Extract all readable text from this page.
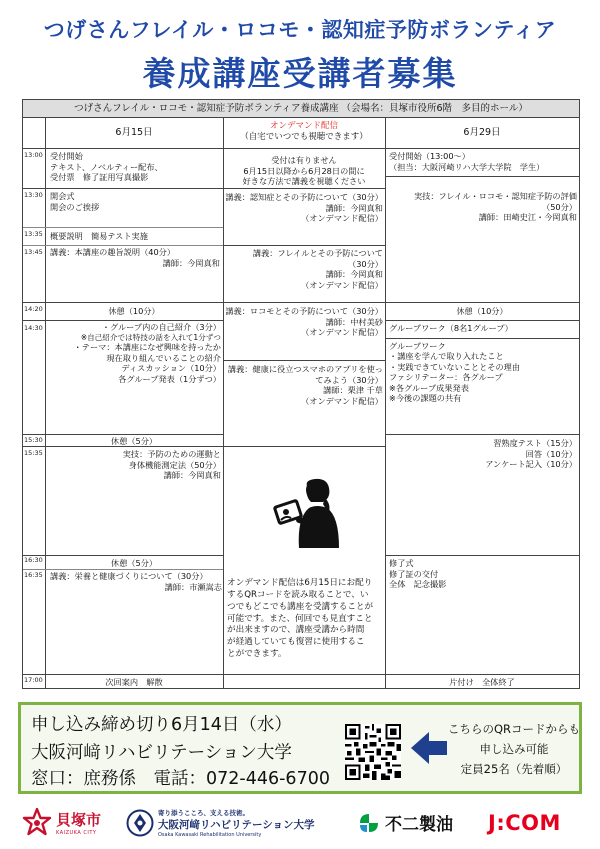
つげさんフレイル・ロコモ・認知症予防ボランティア
養成講座受講者募集
つげさんフレイル・ロコモ・認知症予防ボランティア養成講座 （会場名：貝塚市役所6階　多目的ホール）
6月15日
オンデマンド配信
（自宅でいつでも視聴できます）	6月29日
13:00
13:30
13:35
13:45
14:20
14:30
15:30
15:35
16:30
16:35
17:00
受付開始
テキスト、ノベルティー配布、
受付票　修了証用写真撮影
開会式
開会のご挨拶
概要説明　簡易テスト実施
講義：本講座の趣旨説明（40分）
講師：今岡真和
休憩（10分）
・グループ内の自己紹介（3分）
※自己紹介では特技の話を入れて1分ずつ
・テーマ：本講座になぜ興味を持ったか
現在取り組んでいることの紹介
ディスカッション（10分）
各グループ発表（1分ずつ）
休憩（5分）
実技：予防のための運動と
身体機能測定法（50分）
講師：今岡真和
休憩（5分）
講義：栄養と健康づくりについて（30分）
講師：市瀬嵩志
次回案内　解散
受付は有りません
6月15日以降から6月28日の間に
好きな方法で講義を視聴ください
講義：認知症とその予防について（30分）
講師：今岡真和
（オンデマンド配信）
講義：フレイルとその予防について
（30分）
講師：今岡真和
（オンデマンド配信）
講義：ロコモとその予防について（30分）
講師：中村美砂
（オンデマンド配信）
講義：健康に役立つスマホのアプリを使っ
てみよう（30分）
講師：栗津 千草
（オンデマンド配信）
オンデマンド配信は6月15日にお配り
するQRコードを読み取ることで、い
つでもどこでも講座を受講することが
可能です。また、何回でも見直すこと
が出来ますので、講座受講から時間
が経過していても復習に使用するこ
とができます。
受付開始（13:00～）
（担当：大阪河崎リハ大学大学院　学生）
実技：フレイル・ロコモ・認知症予防の評価
（50分）
講師：田崎史江・今岡真和
休憩（10分）
グループワーク（8名1グループ）
グループワーク
・講座を学んで取り入れたこと
・実践できていないこととその理由
ファシリテーター：各グループ
※各グループ成果発表
※今後の課題の共有
習熟度テスト（15分）
回答（10分）
アンケート記入（10分）
修了式
修了証の交付
全体　記念撮影
片付け　全体終了
申し込み締め切り6月14日（水）
大阪河﨑リハビリテーション大学
窓口：庶務係　電話：072-446-6700
こちらのQRコードからも
申し込み可能
定員25名（先着順）
貝塚市
KAIZUKA CITY
寄り添うこころ、支える技術。
大阪河﨑リハビリテーション大学
Osaka Kawasaki Rehabilitation University	不二製油 J:COM
